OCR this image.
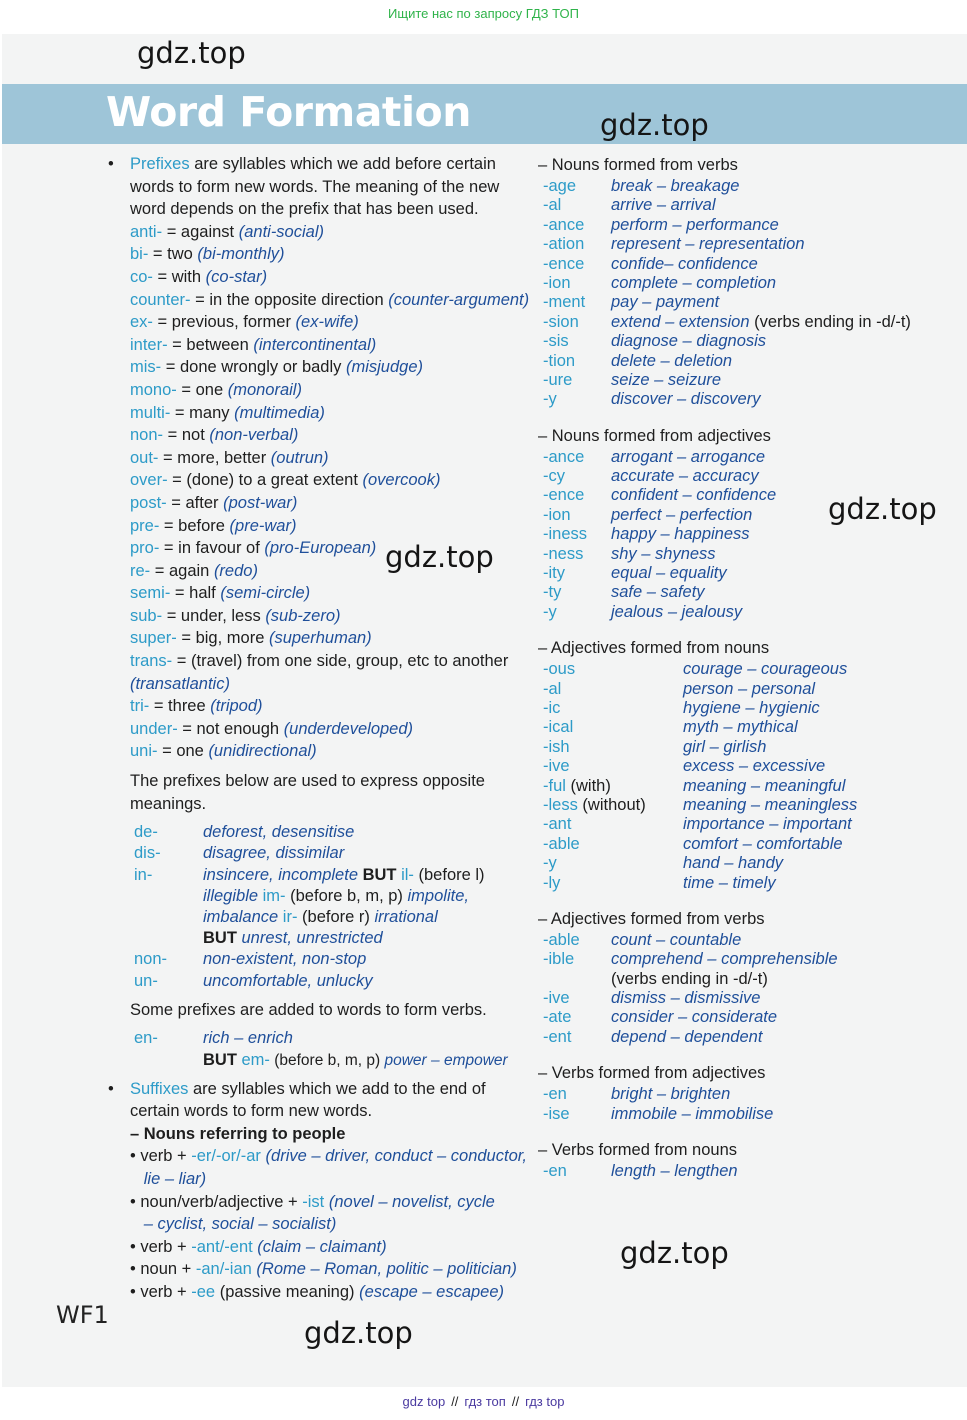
Ищите нас по запросу ГДЗ ТОП
Word Formation
gdz.top
gdz.top
gdz.top
gdz.top
gdz.top
gdz.top
WF1
• Prefixes are syllables which we add before certain
words to form new words. The meaning of the new
word depends on the prefix that has been used.
anti- = against (anti-social)
bi- = two (bi-monthly)
co- = with (co-star)
counter- = in the opposite direction (counter-argument)
ex- = previous, former (ex-wife)
inter- = between (intercontinental)
mis- = done wrongly or badly (misjudge)
mono- = one (monorail)
multi- = many (multimedia)
non- = not (non-verbal)
out- = more, better (outrun)
over- = (done) to a great extent (overcook)
post- = after (post-war)
pre- = before (pre-war)
pro- = in favour of (pro-European)
re- = again (redo)
semi- = half (semi-circle)
sub- = under, less (sub-zero)
super- = big, more (superhuman)
trans- = (travel) from one side, group, etc to another
(transatlantic)
tri- = three (tripod)
under- = not enough (underdeveloped)
uni- = one (unidirectional)
The prefixes below are used to express opposite
meanings.
de-	deforest, desensitise
dis-	disagree, dissimilar
in-	insincere, incomplete BUT il- (before l)
illegible im- (before b, m, p) impolite,
imbalance ir- (before r) irrational
BUT unrest, unrestricted
non- non-existent, non-stop
un-	uncomfortable, unlucky
Some prefixes are added to words to form verbs.
en-	rich – enrich
BUT em- (before b, m, p) power – empower
• Suffixes are syllables which we add to the end of
certain words to form new words.
– Nouns referring to people
• verb + -er/-or/-ar (drive – driver, conduct – conductor,
lie – liar)
• noun/verb/adjective + -ist (novel – novelist, cycle
– cyclist, social – socialist)
• verb + -ant/-ent (claim – claimant)
• noun + -an/-ian (Rome – Roman, politic – politician)
• verb + -ee (passive meaning) (escape – escapee)
– Nouns formed from verbs
-age break – breakage
-al	arrive – arrival
-ance perform – performance
-ation represent – representation
-ence confide– confidence
-ion complete – completion
-ment pay – payment
-sion extend – extension (verbs ending in -d/-t)
-sis	diagnose – diagnosis
-tion delete – deletion
-ure seize – seizure
-y	discover – discovery
– Nouns formed from adjectives
-ance arrogant – arrogance
-cy	accurate – accuracy
-ence confident – confidence
-ion perfect – perfection
-iness happy – happiness
-ness shy – shyness
-ity	equal – equality
-ty	safe – safety
-y	jealous – jealousy
– Adjectives formed from nouns
-ous	courage – courageous
-al	person – personal
-ic	hygiene – hygienic
-ical	myth – mythical
-ish	girl – girlish
-ive	excess – excessive
-ful (with)	meaning – meaningful
-less (without) meaning – meaningless
-ant	importance – important
-able	comfort – comfortable
-y	hand – handy
-ly	time – timely
– Adjectives formed from verbs
-able count – countable
-ible comprehend – comprehensible
(verbs ending in -d/-t)
-ive	dismiss – dismissive
-ate consider – considerate
-ent depend – dependent
– Verbs formed from adjectives
-en	bright – brighten
-ise	immobile – immobilise
– Verbs formed from nouns
-en	length – lengthen
gdz top // гдз топ // гдз top
